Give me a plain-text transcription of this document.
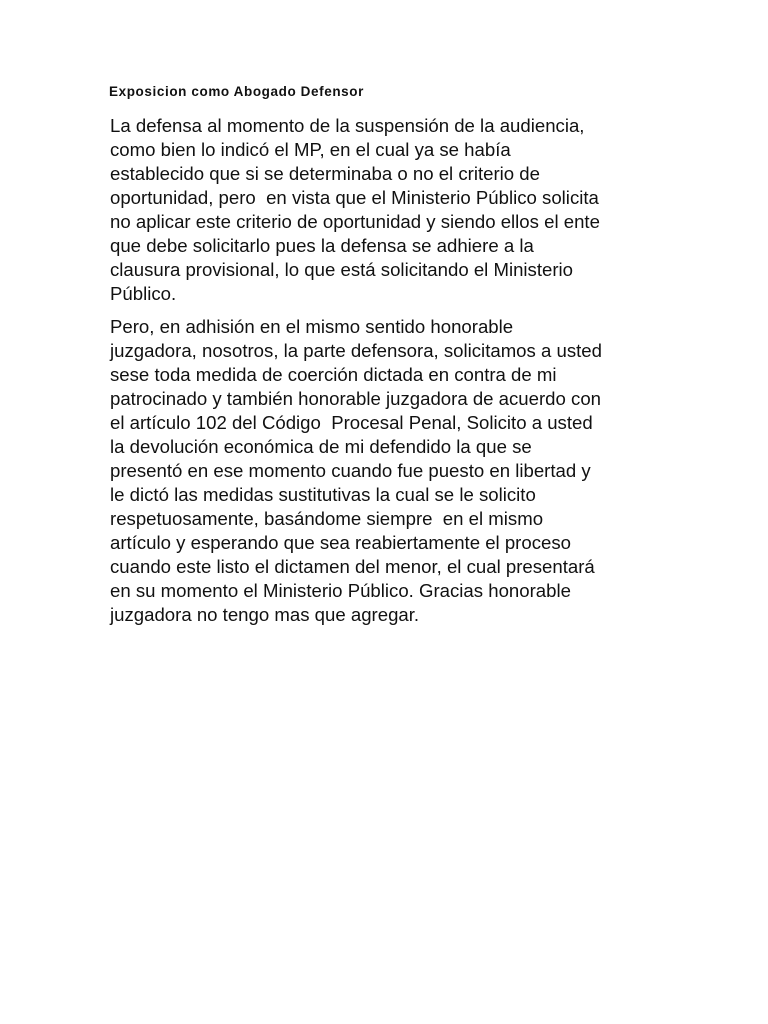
Exposicion como Abogado Defensor

La defensa al momento de la suspensión de la audiencia,
como bien lo indicó el MP, en el cual ya se había
establecido que si se determinaba o no el criterio de
oportunidad, pero  en vista que el Ministerio Público solicita
no aplicar este criterio de oportunidad y siendo ellos el ente
que debe solicitarlo pues la defensa se adhiere a la
clausura provisional, lo que está solicitando el Ministerio
Público.

Pero, en adhisión en el mismo sentido honorable
juzgadora, nosotros, la parte defensora, solicitamos a usted
sese toda medida de coerción dictada en contra de mi
patrocinado y también honorable juzgadora de acuerdo con
el artículo 102 del Código  Procesal Penal, Solicito a usted
la devolución económica de mi defendido la que se
presentó en ese momento cuando fue puesto en libertad y
le dictó las medidas sustitutivas la cual se le solicito
respetuosamente, basándome siempre  en el mismo
artículo y esperando que sea reabiertamente el proceso
cuando este listo el dictamen del menor, el cual presentará
en su momento el Ministerio Público. Gracias honorable
juzgadora no tengo mas que agregar.
